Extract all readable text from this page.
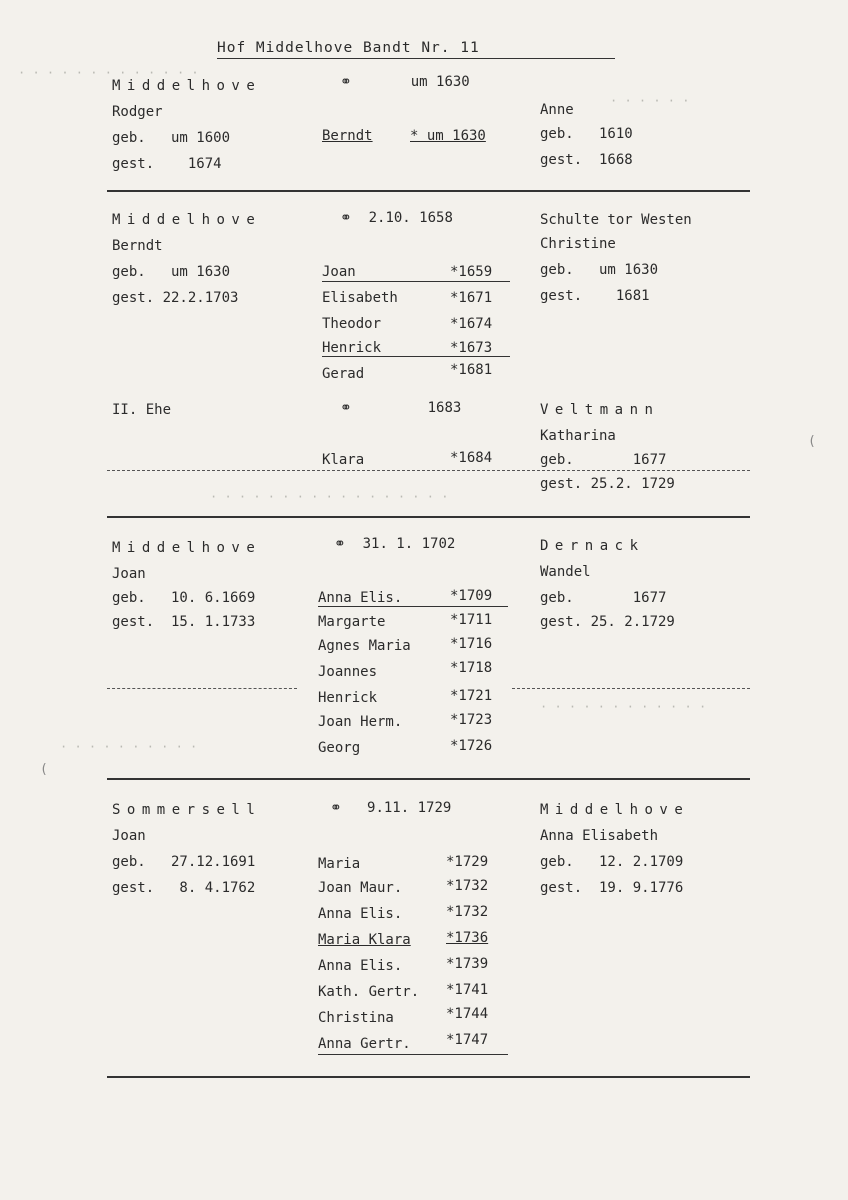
· · · · · · · · · · · · ·
· · · · · ·
· · · · · · · · · · · · · · · · ·
· · · · · · · · · · · ·
· · · · · · · · · ·
(
(
Hof Middelhove Bandt Nr. 11
Middelhove	⚭       um 1630
Rodger	Anne
geb.   um 1600	geb.   1610
gest.    1674	gest.  1668
Berndt	* um 1630
Middelhove	⚭  2.10. 1658	Schulte tor Westen
Berndt	Christine
geb.   um 1630	geb.   um 1630
gest. 22.2.1703	gest.    1681
Joan	*1659
Elisabeth	*1671
Theodor	*1674
Henrick	*1673
Gerad	*1681
II. Ehe	⚭         1683	Veltmann
Katharina
geb.       1677
gest. 25.2. 1729
Klara	*1684
Middelhove	⚭  31. 1. 1702	Dernack
Joan	Wandel
geb.   10. 6.1669	geb.       1677
gest.  15. 1.1733	gest. 25. 2.1729
Anna Elis.	*1709
Margarte	*1711
Agnes Maria	*1716
Joannes	*1718
Henrick	*1721
Joan Herm.	*1723
Georg	*1726
Sommersell	⚭   9.11. 1729	Middelhove
Joan	Anna Elisabeth
geb.   27.12.1691	geb.   12. 2.1709
gest.   8. 4.1762	gest.  19. 9.1776
Maria	*1729
Joan Maur.	*1732
Anna Elis.	*1732
Maria Klara	*1736
Anna Elis.	*1739
Kath. Gertr. *1741
Christina	*1744
Anna Gertr.	*1747
